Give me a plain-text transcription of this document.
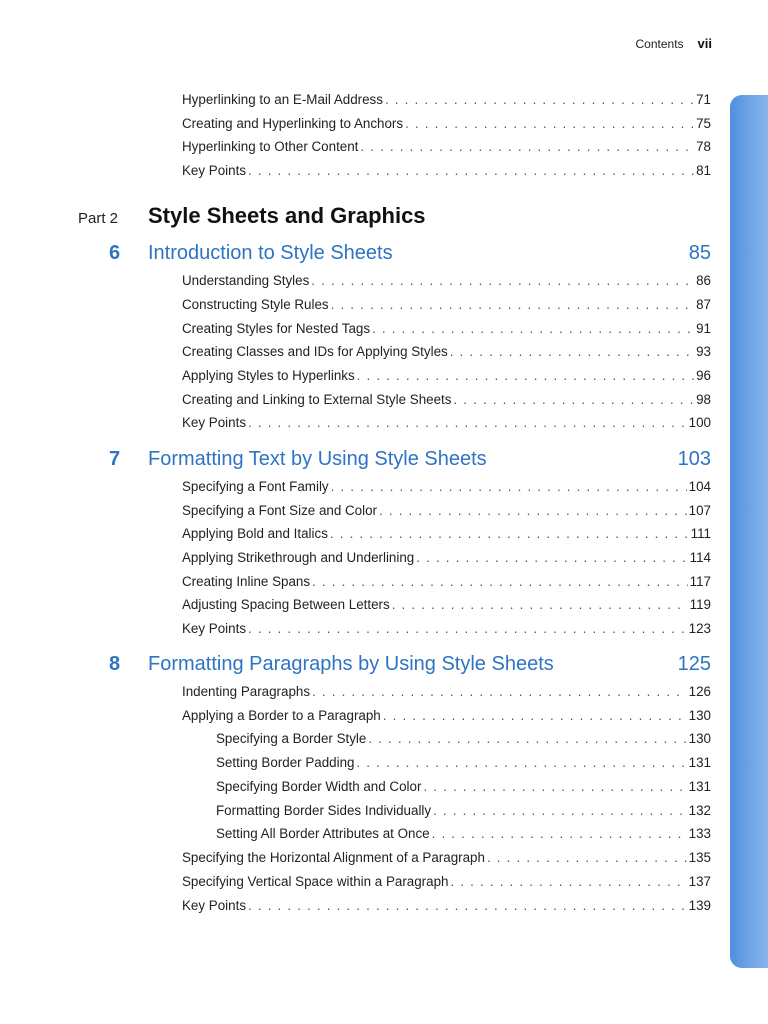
Contents vii
Hyperlinking to an E-Mail Address . . .	71
Creating and Hyperlinking to Anchors . . .	75
Hyperlinking to Other Content . . .	78
Key Points . . .	81
Part 2	Style Sheets and Graphics
6	Introduction to Style Sheets	85
Understanding Styles . . .	86
Constructing Style Rules . . .	87
Creating Styles for Nested Tags . . .	91
Creating Classes and IDs for Applying Styles . . .	93
Applying Styles to Hyperlinks . . .	96
Creating and Linking to External Style Sheets . . .	98
Key Points . . .	100
7	Formatting Text by Using Style Sheets	103
Specifying a Font Family . . .	104
Specifying a Font Size and Color . . .	107
Applying Bold and Italics . . .	111
Applying Strikethrough and Underlining . . .	114
Creating Inline Spans . . .	117
Adjusting Spacing Between Letters . . .	119
Key Points . . .	123
8	Formatting Paragraphs by Using Style Sheets	125
Indenting Paragraphs . . .	126
Applying a Border to a Paragraph . . .	130
Specifying a Border Style . . .	130
Setting Border Padding . . .	131
Specifying Border Width and Color . . .	131
Formatting Border Sides Individually . . .	132
Setting All Border Attributes at Once . . .	133
Specifying the Horizontal Alignment of a Paragraph . . .	135
Specifying Vertical Space within a Paragraph . . .	137
Key Points . . .	139
